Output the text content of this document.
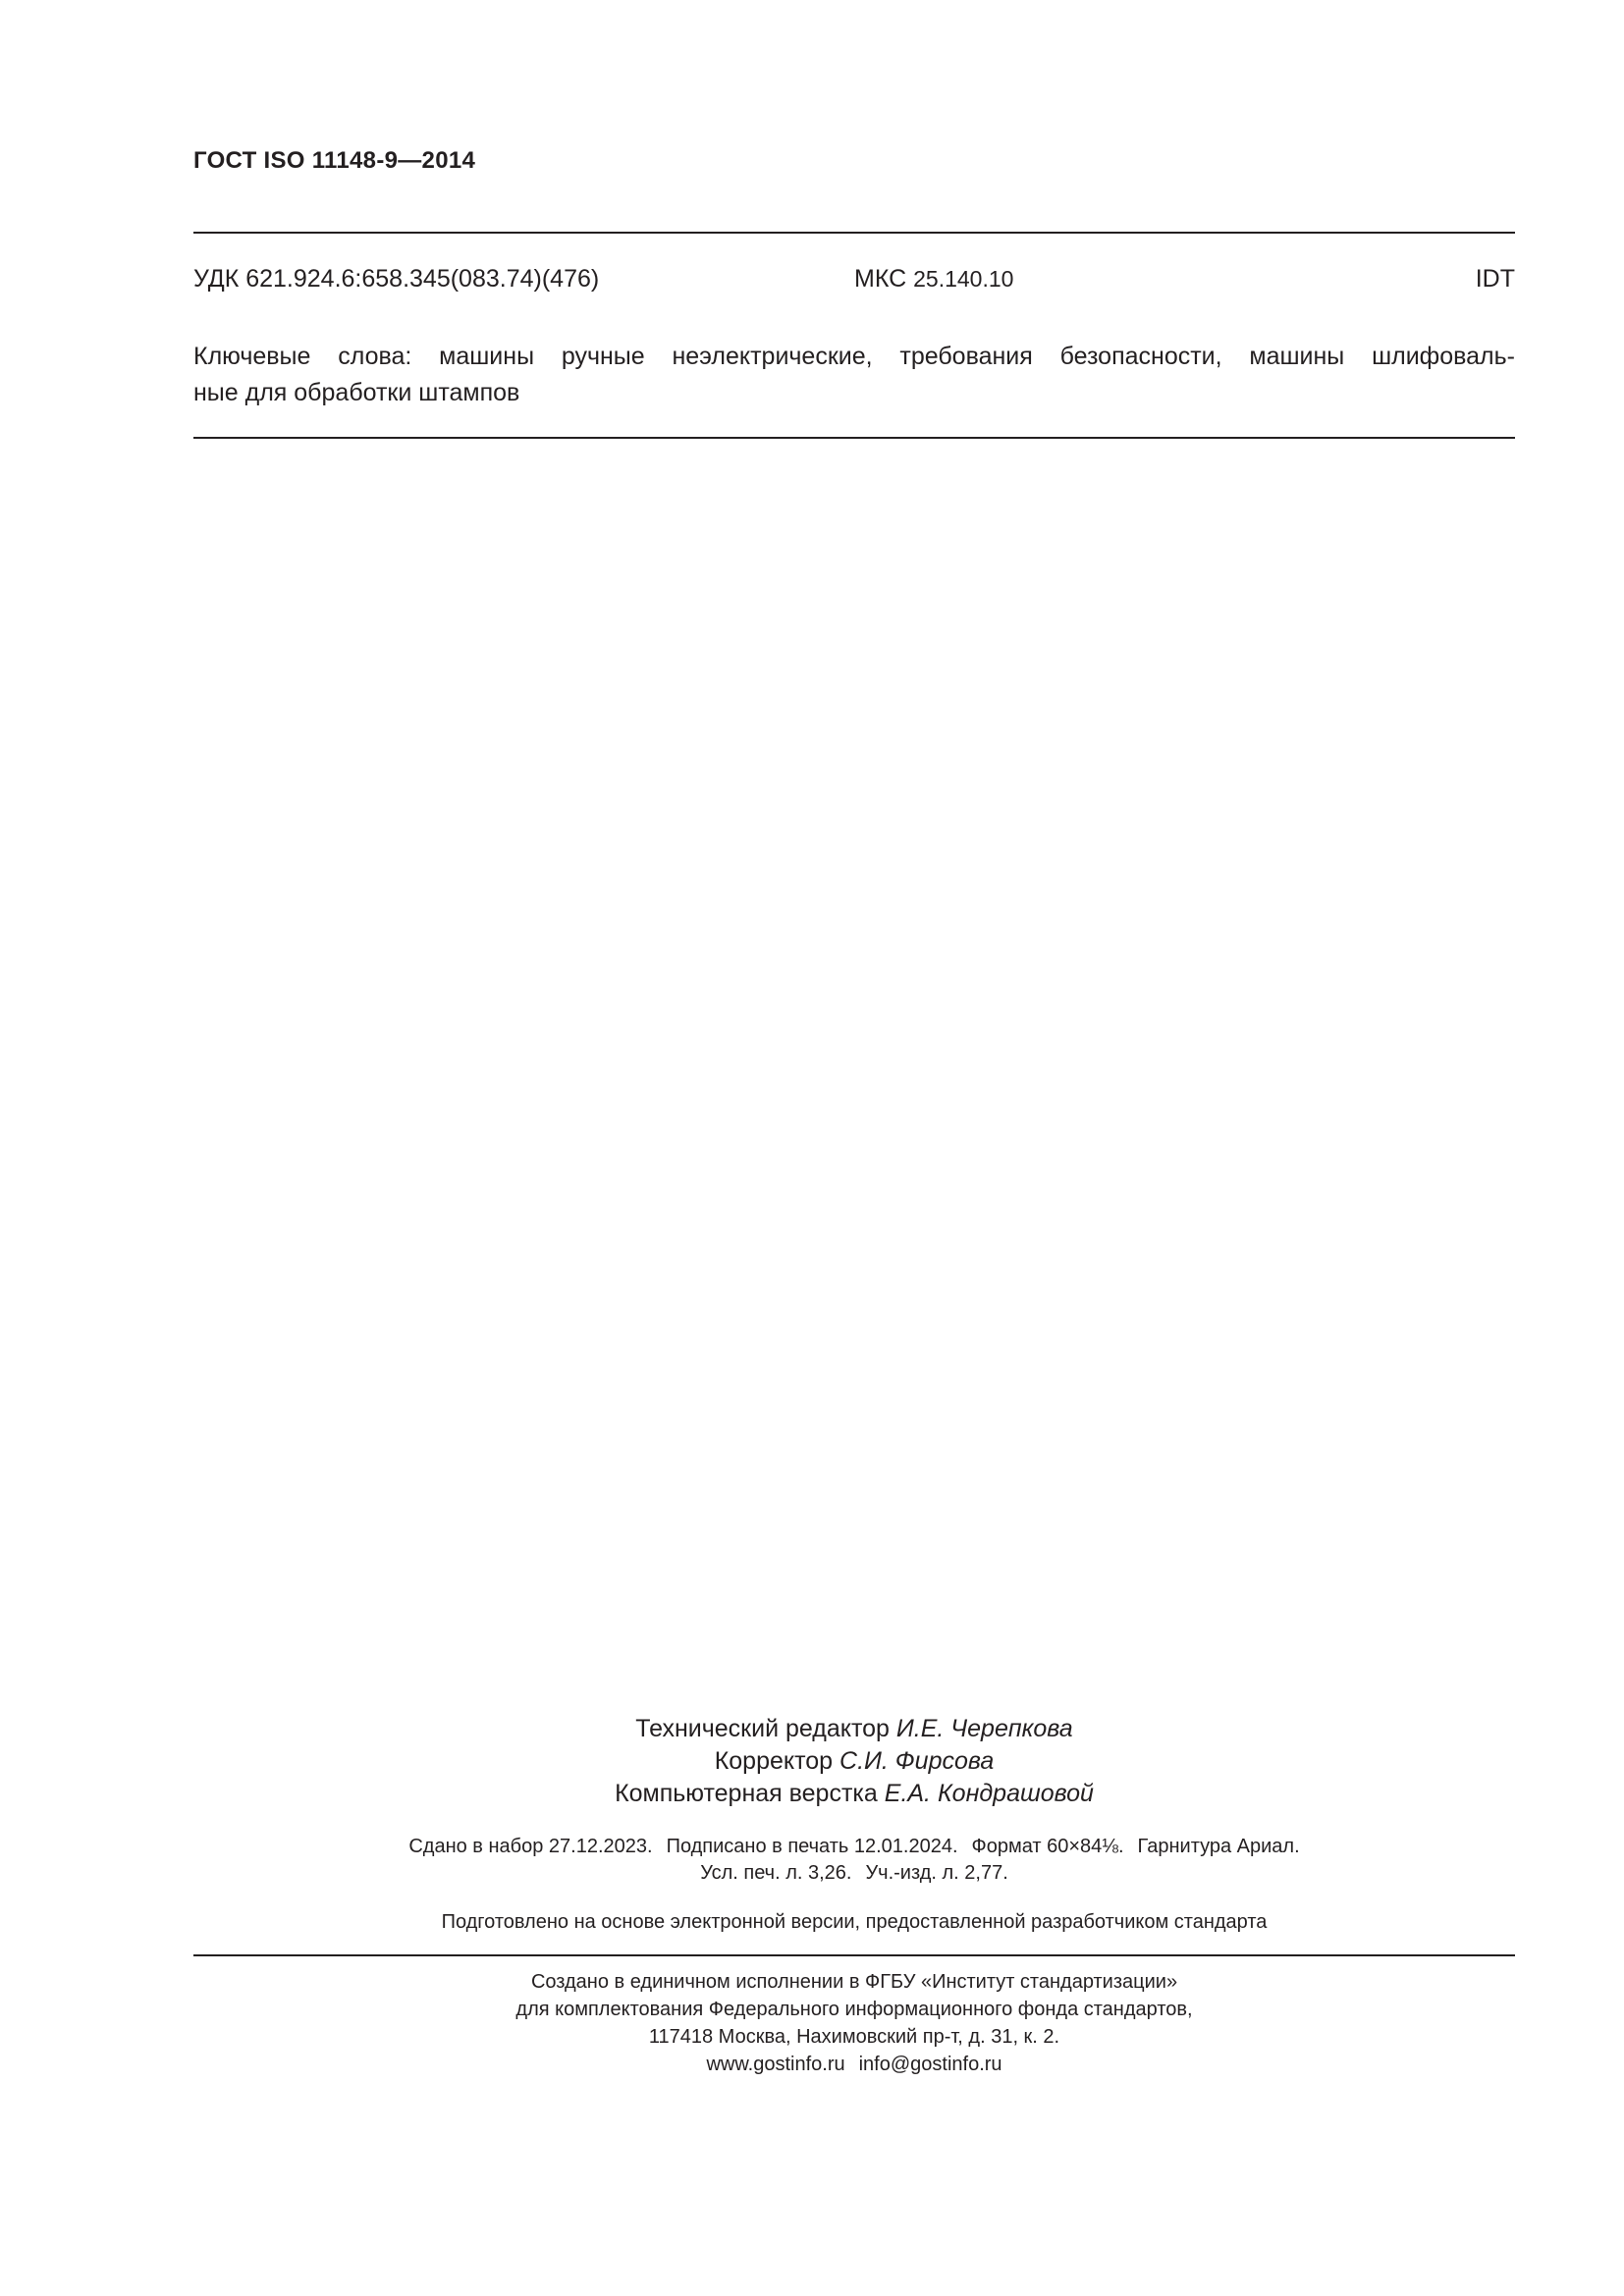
ГОСТ ISO 11148-9—2014
УДК 621.924.6:658.345(083.74)(476)	МКС 25.140.10	IDT
Ключевые слова: машины ручные неэлектрические, требования безопасности, машины шлифоваль-
ные для обработки штампов
Технический редактор И.Е. Черепкова
Корректор С.И. Фирсова
Компьютерная верстка Е.А. Кондрашовой
Сдано в набор 27.12.2023. Подписано в печать 12.01.2024. Формат 60×84⅛. Гарнитура Ариал.
Усл. печ. л. 3,26. Уч.-изд. л. 2,77.
Подготовлено на основе электронной версии, предоставленной разработчиком стандарта
Создано в единичном исполнении в ФГБУ «Институт стандартизации»
для комплектования Федерального информационного фонда стандартов,
117418 Москва, Нахимовский пр-т, д. 31, к. 2.
www.gostinfo.ru info@gostinfo.ru
